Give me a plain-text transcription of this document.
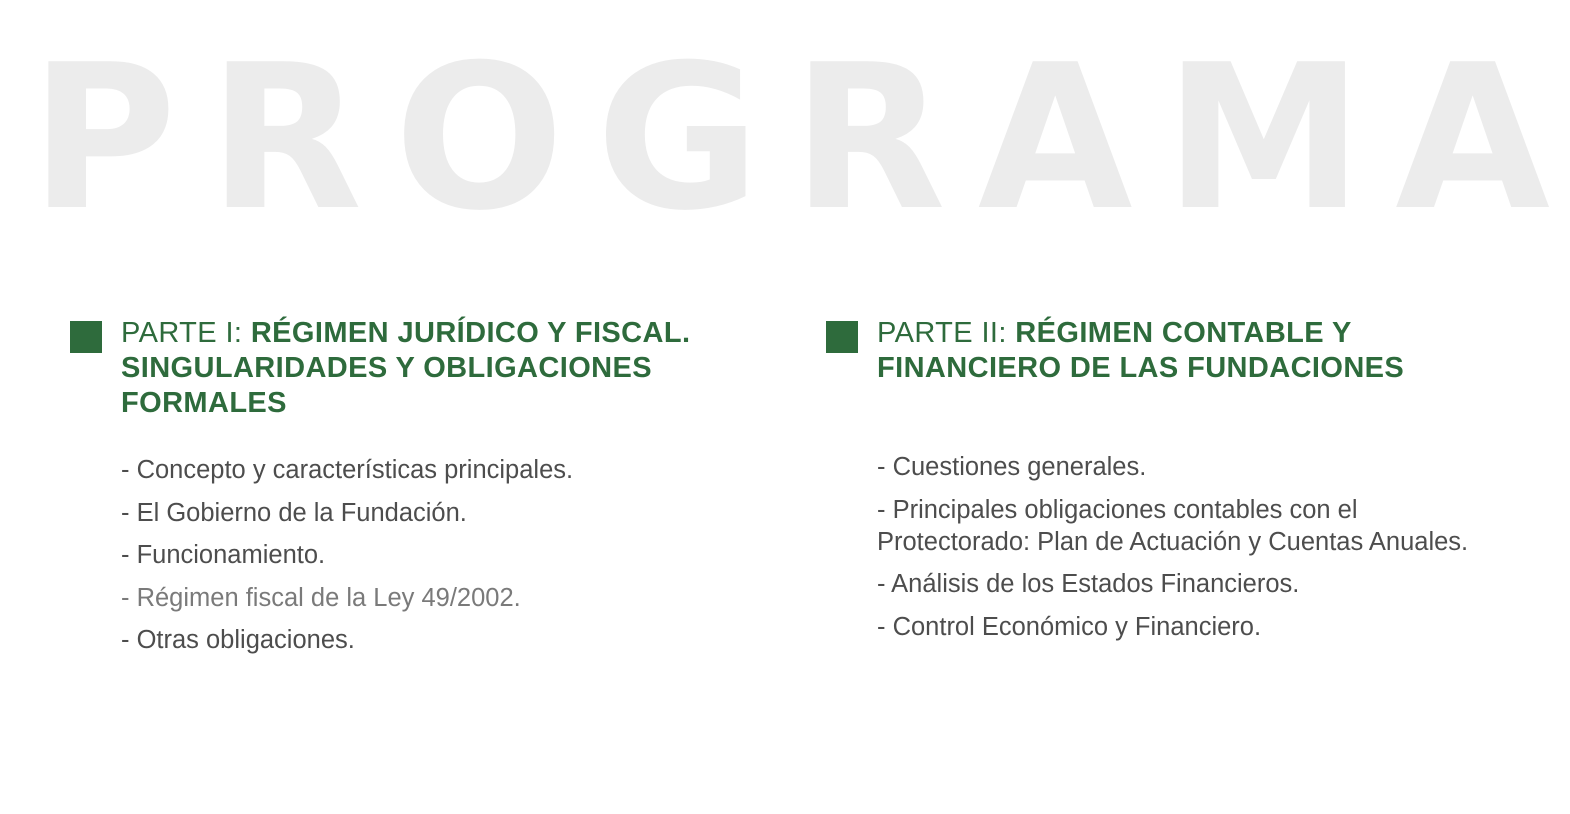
PROGRAMA
PARTE I: RÉGIMEN JURÍDICO Y FISCAL. SINGULARIDADES Y OBLIGACIONES FORMALES
- Concepto y características principales.
- El Gobierno de la Fundación.
- Funcionamiento.
- Régimen fiscal de la Ley 49/2002.
- Otras obligaciones.
PARTE II: RÉGIMEN CONTABLE Y FINANCIERO DE LAS FUNDACIONES
- Cuestiones generales.
- Principales obligaciones contables con el Protectorado: Plan de Actuación y Cuentas Anuales.
- Análisis de los Estados Financieros.
- Control Económico y Financiero.
